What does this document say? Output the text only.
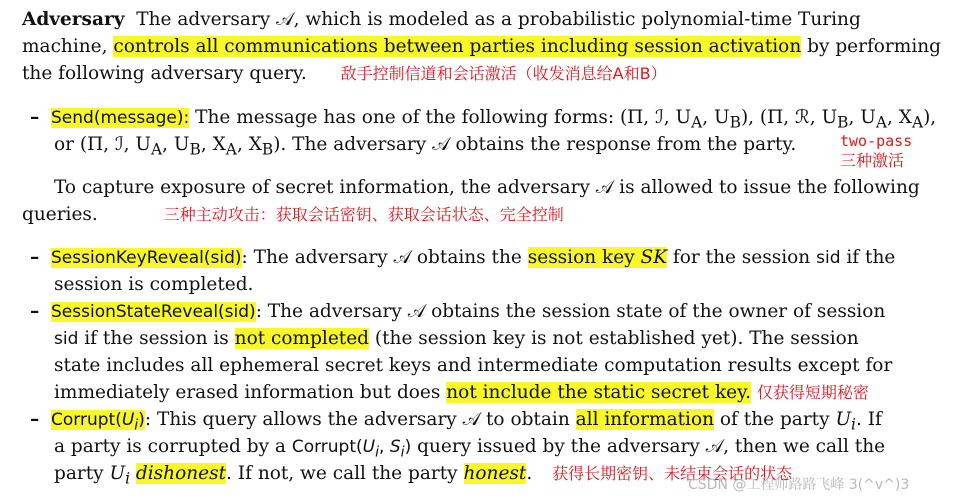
Adversary The adversary 𝒜, which is modeled as a probabilistic polynomial-time Turing
machine, controls all communications between parties including session activation by performing
the following adversary query. 敌手控制信道和会话激活（收发消息给A和B）
– Send(message): The message has one of the following forms: (Π, ℐ, $U_A$, $U_B$), (Π, ℛ, $U_B$, $U_A$, $X_A$),
or (Π, ℐ, $U_A$, $U_B$, $X_A$, $X_B$). The adversary 𝒜 obtains the response from the party.	two-pass
三种激活
To capture exposure of secret information, the adversary 𝒜 is allowed to issue the following
queries.	三种主动攻击：获取会话密钥、获取会话状态、完全控制
– SessionKeyReveal(sid): The adversary 𝒜 obtains the session key SK for the session sid if the
session is completed.
– SessionStateReveal(sid): The adversary 𝒜 obtains the session state of the owner of session
sid if the session is not completed (the session key is not established yet). The session
state includes all ephemeral secret keys and intermediate computation results except for
immediately erased information but does not include the static secret key. 仅获得短期秘密
– $Corrupt(U_i)$: This query allows the adversary 𝒜 to obtain all information of the party $U_i$. If
a party is corrupted by a $Corrupt(U_i$, $S_i$) query issued by the adversary 𝒜, then we call the
party $U_i$ dishonest. If not, we call the party honest. 获得长期密钥、未结束会话的状态
CSDN @工程师路路飞峰 3(^v^)3
